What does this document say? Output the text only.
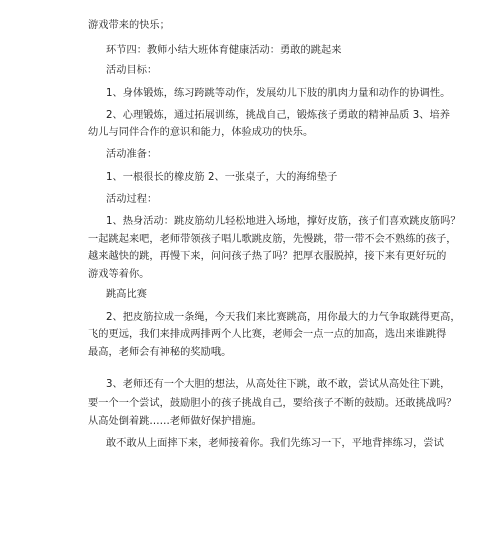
游戏带来的快乐；
环节四：教师小结大班体育健康活动：勇敢的跳起来
活动目标：
1、身体锻炼，练习跨跳等动作，发展幼儿下肢的肌肉力量和动作的协调性。
2、心理锻炼，通过拓展训练，挑战自己，锻炼孩子勇敢的精神品质 3、培养
幼儿与同伴合作的意识和能力，体验成功的快乐。
活动准备：
1、一根很长的橡皮筋 2、一张桌子，大的海绵垫子
活动过程：
1、热身活动：跳皮筋幼儿轻松地进入场地，撑好皮筋，孩子们喜欢跳皮筋吗？
一起跳起来吧，老师带领孩子唱儿歌跳皮筋，先慢跳，带一带不会不熟练的孩子，
越来越快的跳，再慢下来，问问孩子热了吗？把厚衣服脱掉，接下来有更好玩的
游戏等着你。
跳高比赛
2、把皮筋拉成一条绳，今天我们来比赛跳高，用你最大的力气争取跳得更高，
飞的更远，我们来排成两排两个人比赛，老师会一点一点的加高，选出来谁跳得
最高，老师会有神秘的奖励哦。
3、老师还有一个大胆的想法，从高处往下跳，敢不敢，尝试从高处往下跳，
要一个一个尝试，鼓励胆小的孩子挑战自己，要给孩子不断的鼓励。还敢挑战吗？
从高处倒着跳……老师做好保护措施。
敢不敢从上面摔下来，老师接着你。我们先练习一下，平地背摔练习，尝试
